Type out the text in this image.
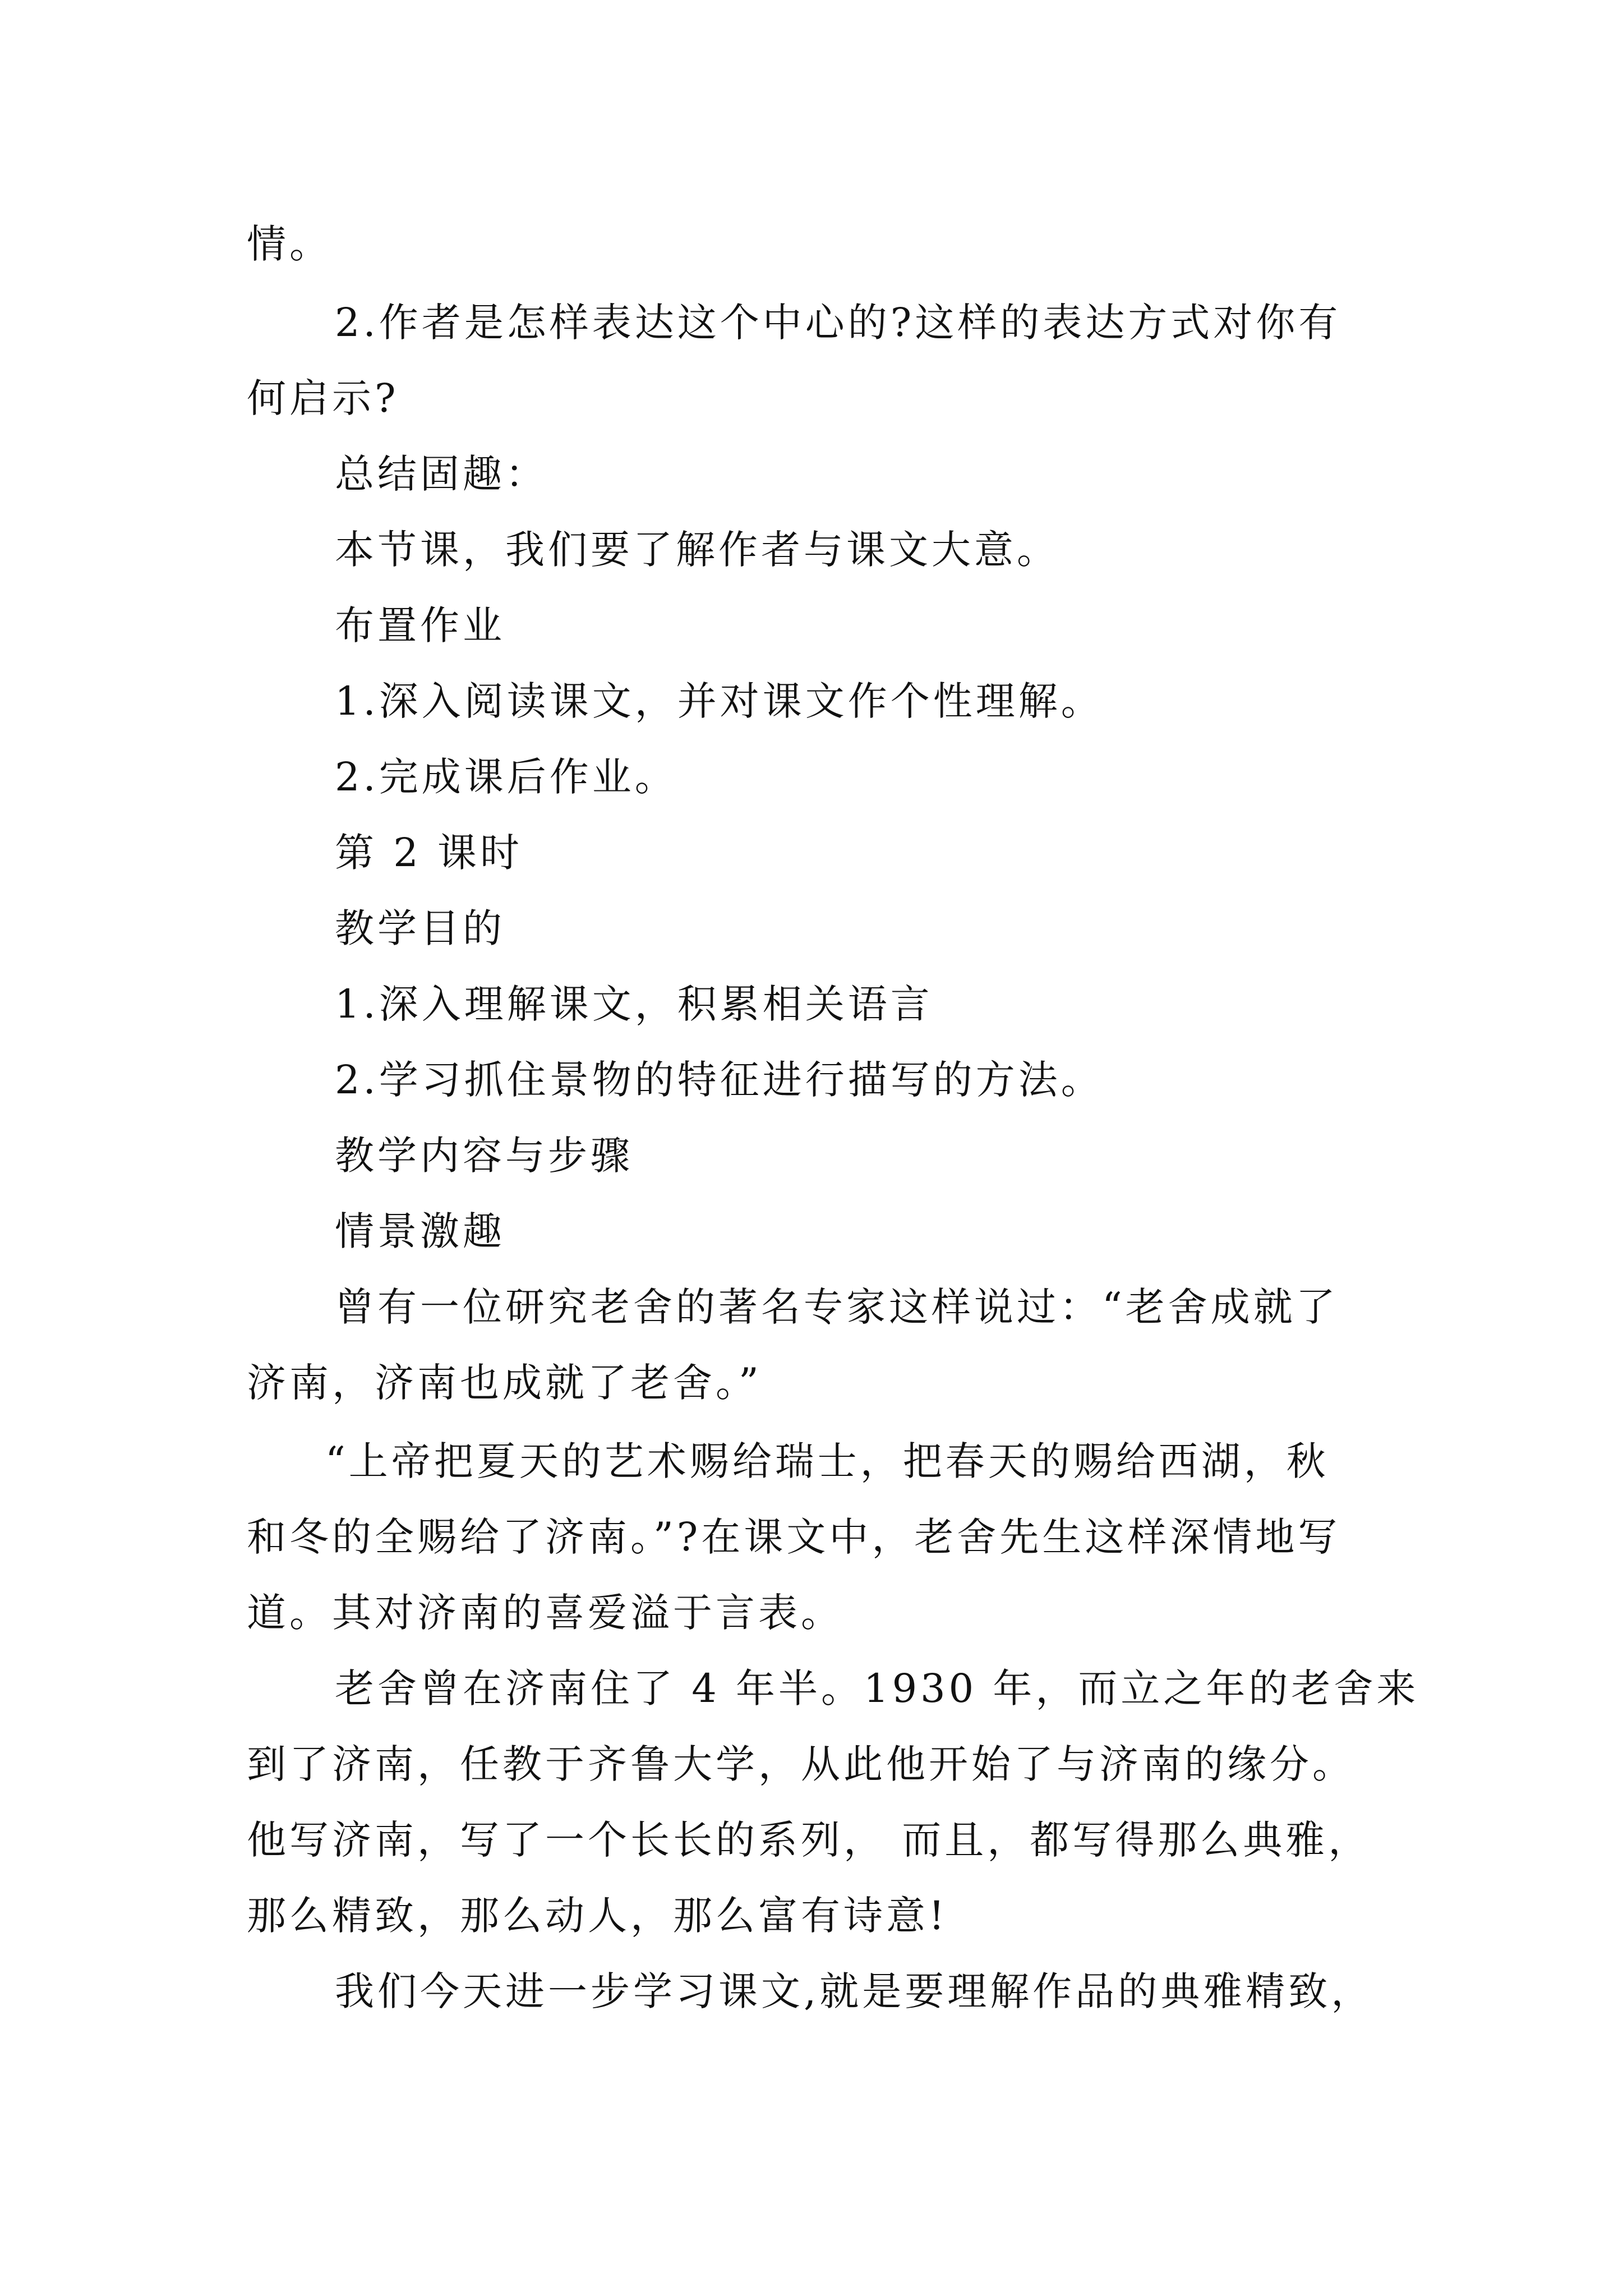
情。
2.作者是怎样表达这个中心的?这样的表达方式对你有
何启示?
总结固趣：
本节课，我们要了解作者与课文大意。
布置作业
1.深入阅读课文，并对课文作个性理解。
2.完成课后作业。
第 2 课时
教学目的
1.深入理解课文，积累相关语言
2.学习抓住景物的特征进行描写的方法。
教学内容与步骤
情景激趣
曾有一位研究老舍的著名专家这样说过：“老舍成就了
济南，济南也成就了老舍。”
“上帝把夏天的艺术赐给瑞士，把春天的赐给西湖，秋
和冬的全赐给了济南。”?在课文中，老舍先生这样深情地写
道。其对济南的喜爱溢于言表。
老舍曾在济南住了 4 年半。1930 年，而立之年的老舍来
到了济南，任教于齐鲁大学，从此他开始了与济南的缘分。
他写济南，写了一个长长的系列， 而且，都写得那么典雅，
那么精致，那么动人，那么富有诗意!
我们今天进一步学习课文,就是要理解作品的典雅精致，
